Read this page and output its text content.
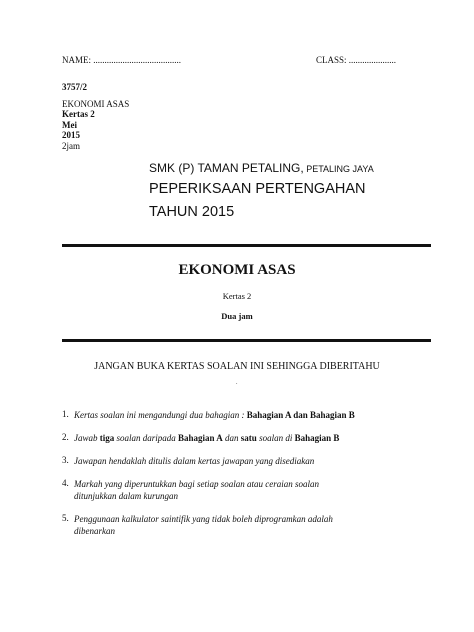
NAME: .......................................	CLASS: .....................
3757/2
EKONOMI ASAS
Kertas 2
Mei
2015
2jam
SMK (P) TAMAN PETALING, PETALING JAYA
PEPERIKSAAN PERTENGAHAN
TAHUN 2015
EKONOMI ASAS
Kertas 2
Dua jam
JANGAN BUKA KERTAS SOALAN INI SEHINGGA DIBERITAHU
.
1. Kertas soalan ini mengandungi dua bahagian : Bahagian A dan Bahagian B
2. Jawab tiga soalan daripada Bahagian A dan satu soalan di Bahagian B
3. Jawapan hendaklah ditulis dalam kertas jawapan yang disediakan
4. Markah yang diperuntukkan bagi setiap soalan atau ceraian soalan
ditunjukkan dalam kurungan
5. Penggunaan kalkulator saintifik yang tidak boleh diprogramkan adalah
dibenarkan
